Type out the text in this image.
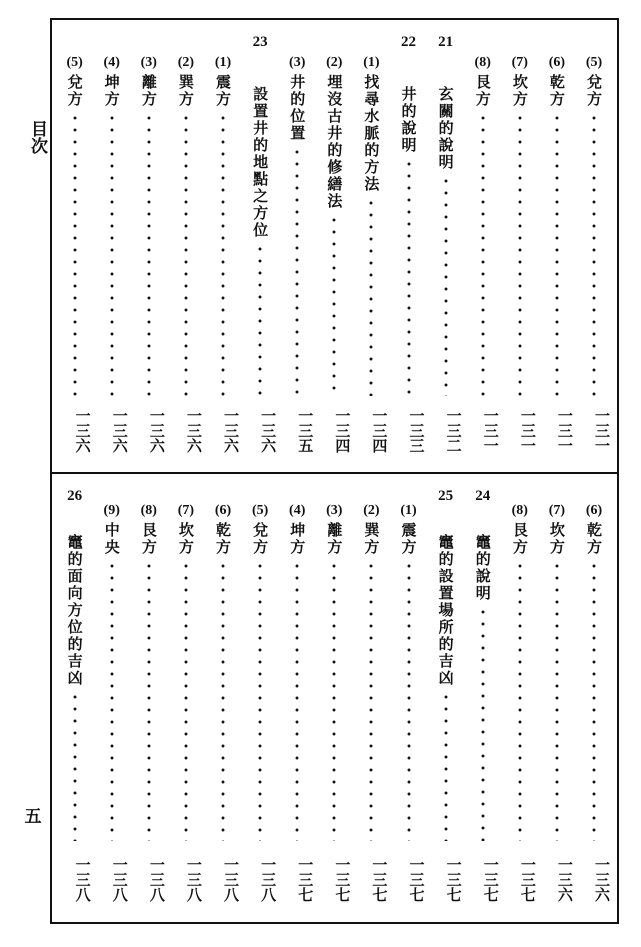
目次
五
(5)
兌方
一三一
(6)
乾方
一三一
(7)
坎方
一三一
(8)
艮方
一三一
21
玄關的說明
一三二
22
井的說明
一三三
(1)
找尋水脈的方法
一三四
(2)
埋沒古井的修繕法
一三四
(3)
井的位置
一三五
23
設置井的地點之方位
一三六
(1)
震方
一三六
(2)
巽方
一三六
(3)
離方
一三六
(4)
坤方
一三六
(5)
兌方
一三六
(6)
乾方
一三六
(7)
坎方
一三六
(8)
艮方
一三七
24
竈的說明
一三七
25
竈的設置場所的吉凶
一三七
(1)
震方
一三七
(2)
巽方
一三七
(3)
離方
一三七
(4)
坤方
一三七
(5)
兌方
一三八
(6)
乾方
一三八
(7)
坎方
一三八
(8)
艮方
一三八
(9)
中央
一三八
26
竈的面向方位的吉凶
一三八
